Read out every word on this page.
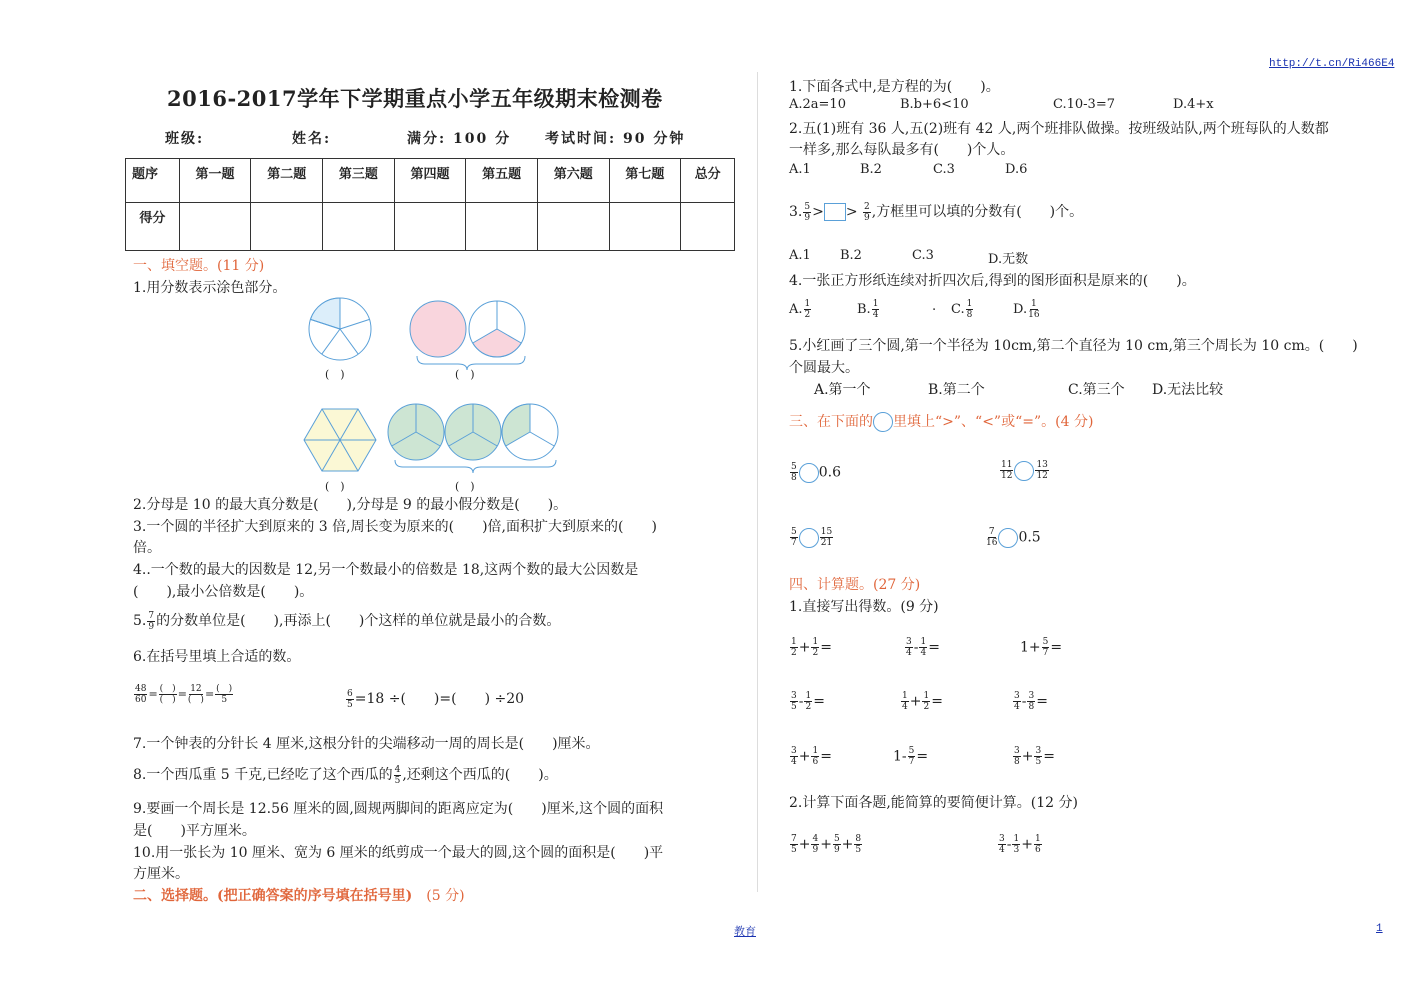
http://t.cn/Ri466E4
2016-2017学年下学期重点小学五年级期末检测卷
班级:	姓名:	满分: 100 分 考试时间: 90 分钟
题序	第一题	第二题	第三题	第四题	第五题	第六题	第七题	总分
得分								
一、填空题。(11 分)
1.用分数表示涂色部分。
(　)	(　)
(　)	(　)
2.分母是 10 的最大真分数是(　　),分母是 9 的最小假分数是(　　)。
3.一个圆的半径扩大到原来的 3 倍,周长变为原来的(　　)倍,面积扩大到原来的(　　)
倍。
4..一个数的最大的因数是 12,另一个数最小的倍数是 18,这两个数的最大公因数是
(　　),最小公倍数是(　　)。
5. $\frac{7}{9}$ 的分数单位是(　　),再添上(　　)个这样的单位就是最小的合数。
6.在括号里填上合适的数。
$\frac{48}{60} = \frac{( )}{( )} = \frac{12}{( )} = \frac{( )}{5}$	$\frac{6}{5} =18$ ÷(　　)=(　　) ÷20
7.一个钟表的分针长 4 厘米,这根分针的尖端移动一周的周长是(　　)厘米。
8.一个西瓜重 5 千克,已经吃了这个西瓜的 $\frac{4}{5}$ ,还剩这个西瓜的(　　)。
9.要画一个周长是 12.56 厘米的圆,圆规两脚间的距离应定为(　　)厘米,这个圆的面积
是(　　)平方厘米。
10.用一张长为 10 厘米、宽为 6 厘米的纸剪成一个最大的圆,这个圆的面积是(　　)平
方厘米。
二、选择题。(把正确答案的序号填在括号里)　 (5 分)
1.下面各式中,是方程的为(　　)。
A.2a=10	B.b+6<10	C.10-3=7	D.4+x
2.五(1)班有 36 人,五(2)班有 42 人,两个班排队做操。按班级站队,两个班每队的人数都
一样多,那么每队最多有(　　)个人。
A.1	B.2	C.3	D.6
3. $\frac{5}{9}$ > > $\frac{2}{9}$ ,方框里可以填的分数有(　　)个。
A.1 B.2	C.3	D.无数
4.一张正方形纸连续对折四次后,得到的图形面积是原来的(　　)。
A. $\frac{1}{2}$	B. $\frac{1}{4}$	. C. $\frac{1}{8}$	D. $\frac{1}{16}$
5.小红画了三个圆,第一个半径为 10cm,第二个直径为 10 cm,第三个周长为 10 cm。(　　)
个圆最大。
A.第一个	B.第二个	C.第三个 D.无法比较
三、在下面的 里填上“>”、“<”或“=”。(4 分)
$\frac{5}{8} 0.6$	$\frac{11}{12} \frac{13}{12}$
$\frac{5}{7} \frac{15}{21}$	$\frac{7}{16} 0.5$
四、计算题。(27 分)
1.直接写出得数。(9 分)
$\frac{1}{2} + \frac{1}{2}$ =	$\frac{3}{4} - \frac{1}{4}$ =	$1+ \frac{5}{7}$ =
$\frac{3}{5} - \frac{1}{2}$ =	$\frac{1}{4} + \frac{1}{2}$ =	$\frac{3}{4} - \frac{3}{8}$ =
$\frac{3}{4} + \frac{1}{6}$ =	$1- \frac{5}{7}$ =	$\frac{3}{8} + \frac{3}{5}$ =
2.计算下面各题,能简算的要简便计算。(12 分)
$\frac{7}{5} + \frac{4}{9} + \frac{5}{9} + \frac{8}{5}$	$\frac{3}{4} - \frac{1}{3} + \frac{1}{6}$
教育	1
